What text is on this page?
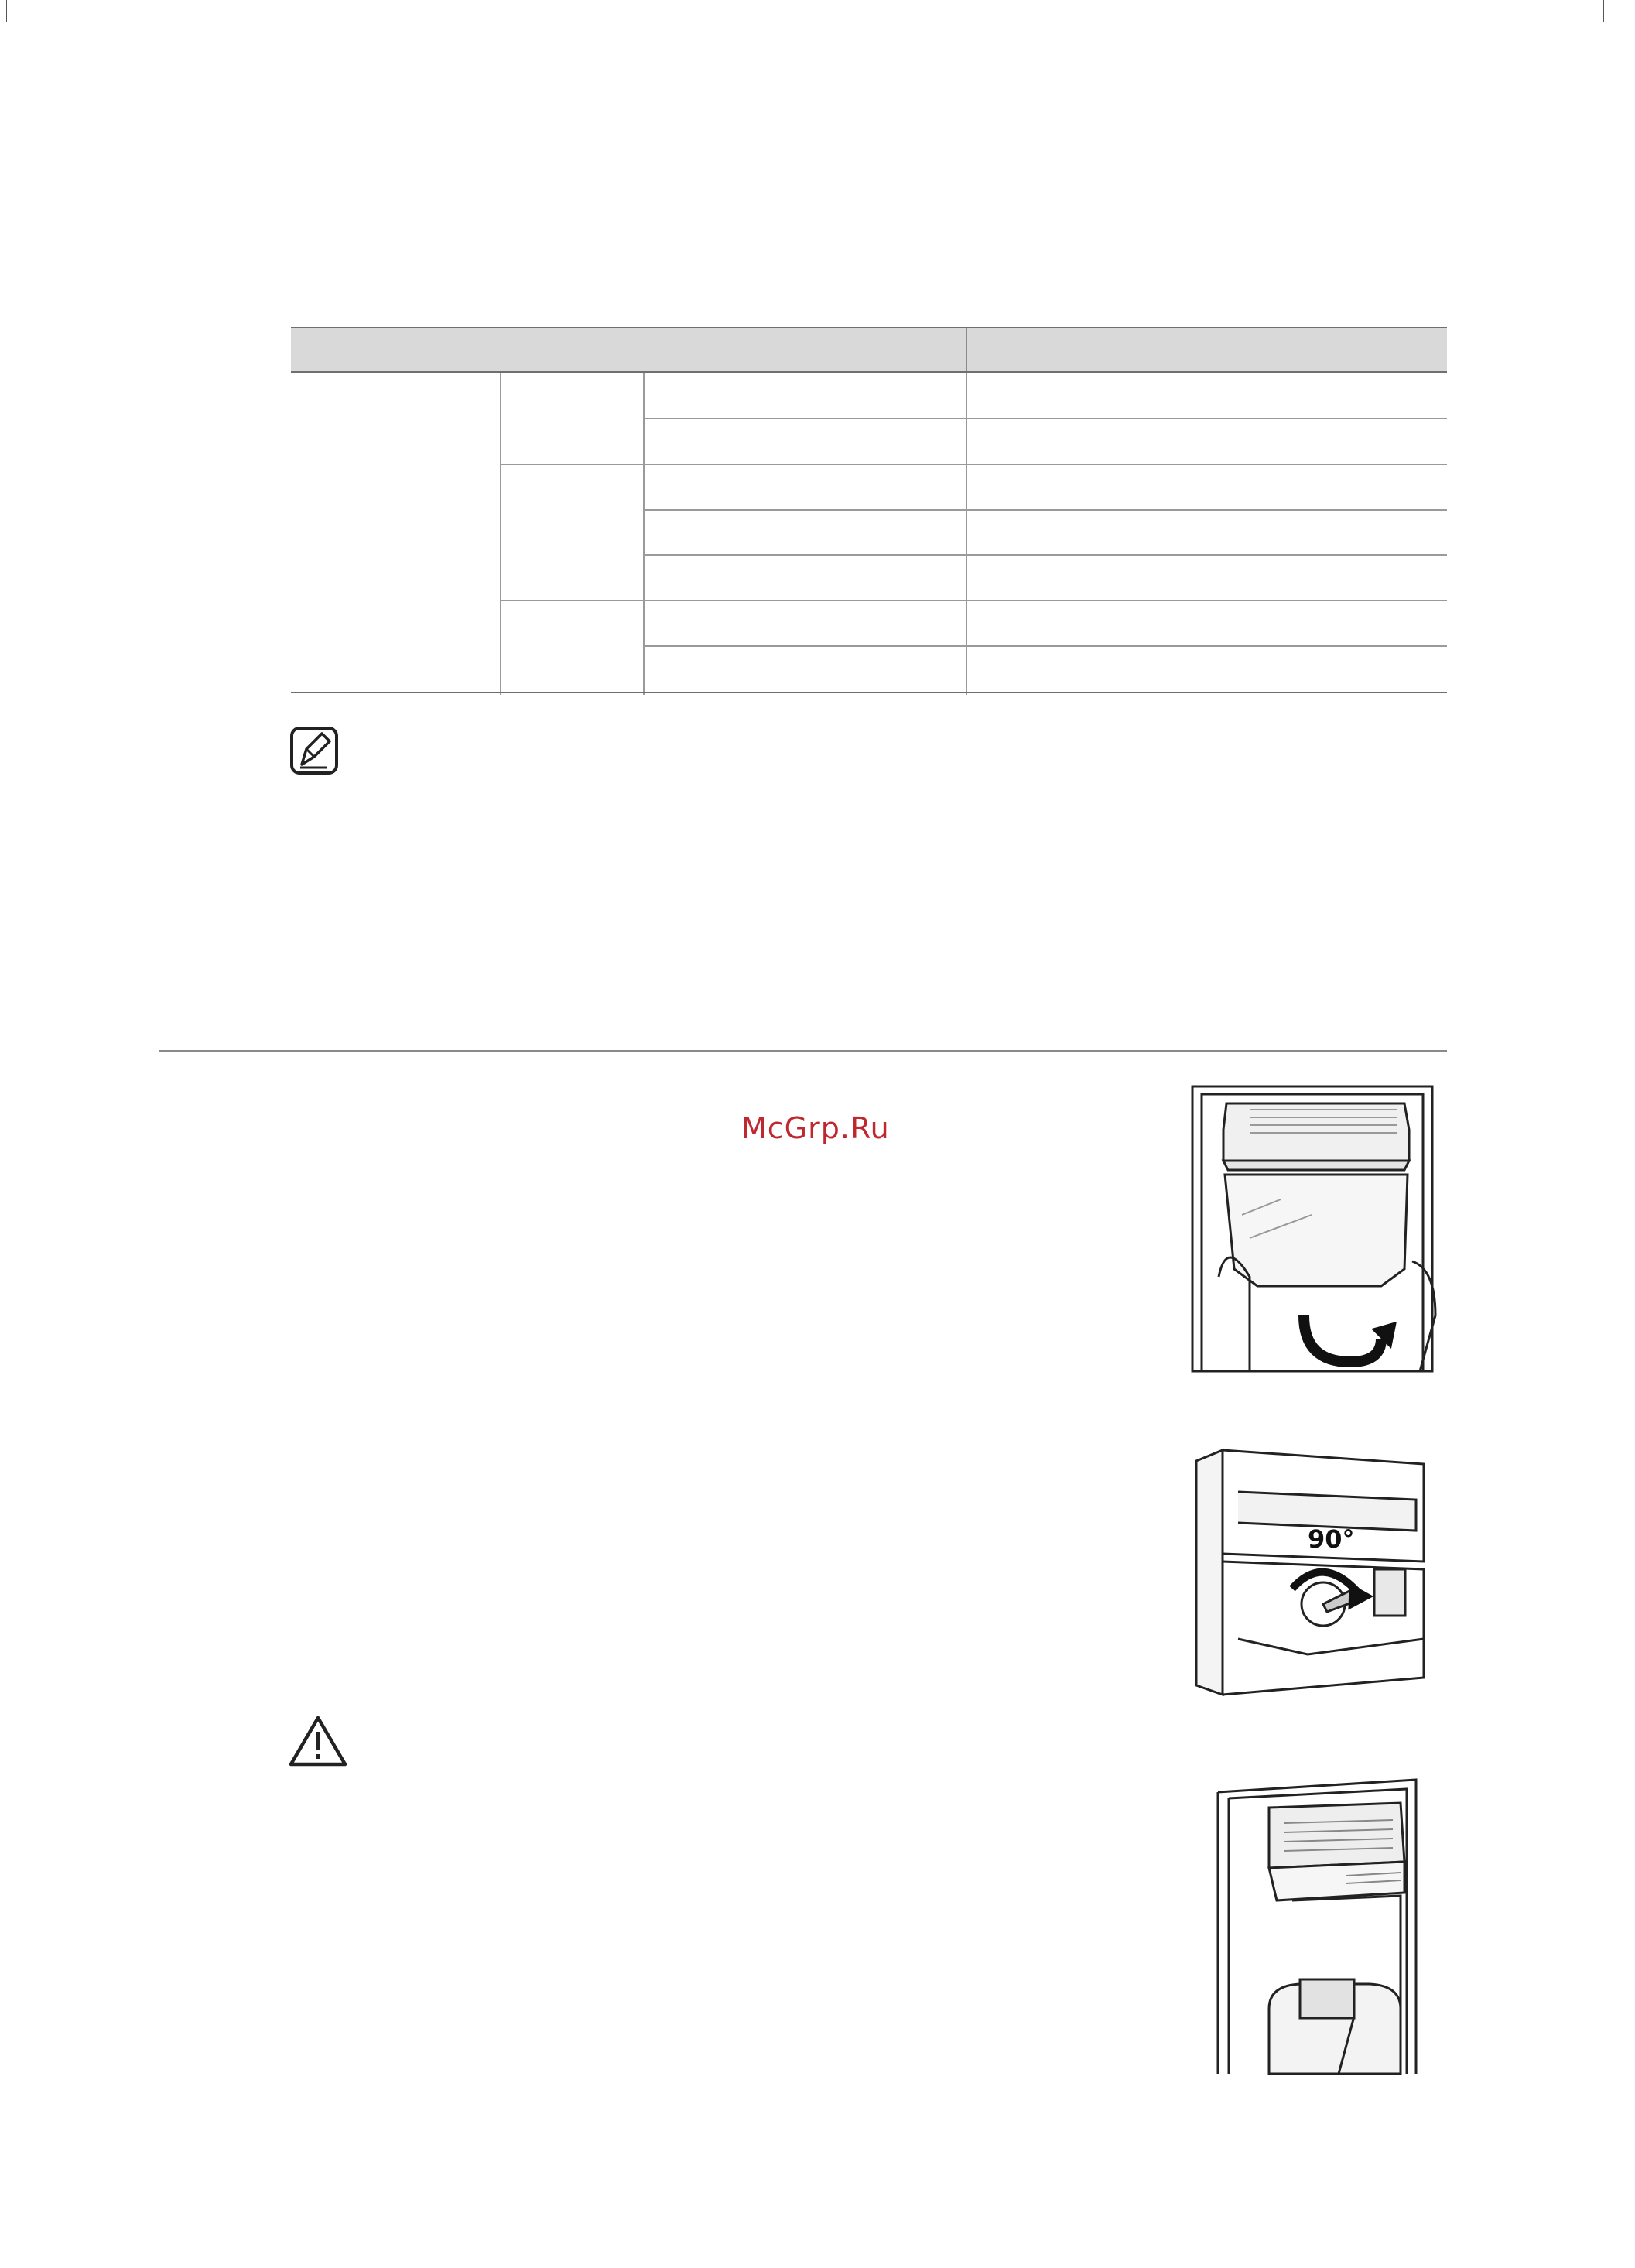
McGrp.Ru
90°
